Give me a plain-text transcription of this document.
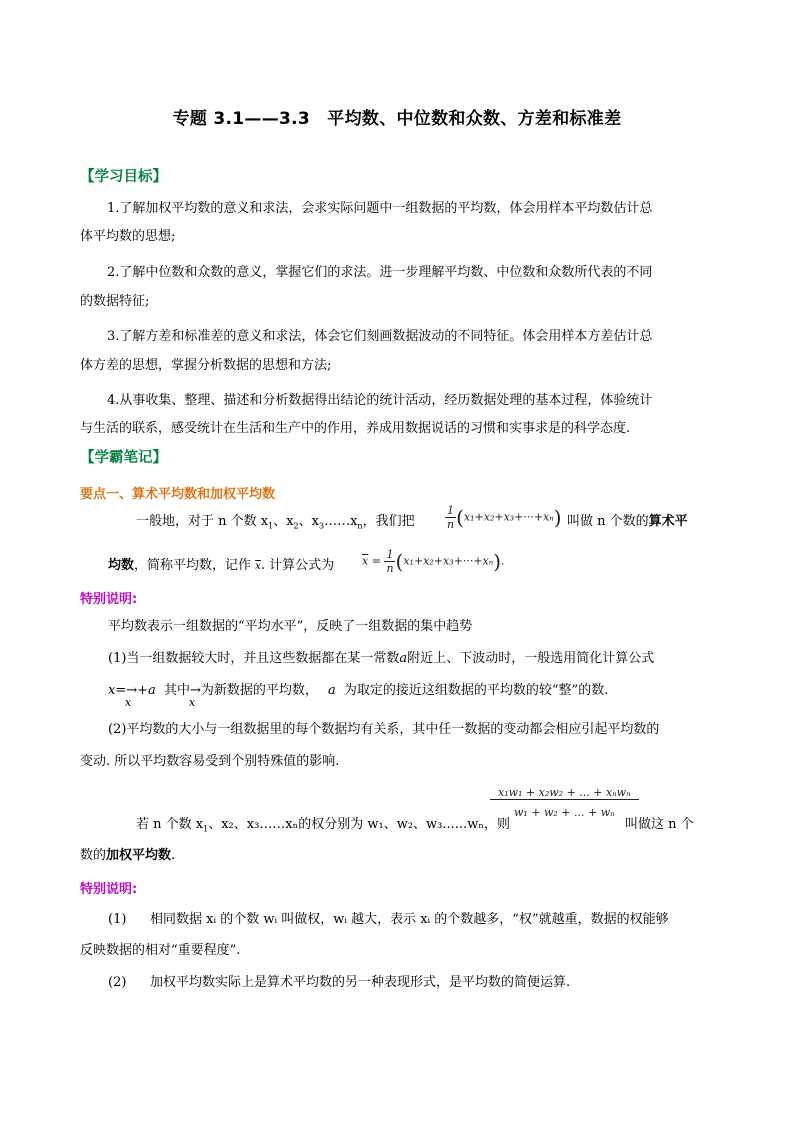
专题 3.1——3.3　平均数、中位数和众数、方差和标准差
【学习目标】
1.了解加权平均数的意义和求法，会求实际问题中一组数据的平均数，体会用样本平均数估计总
体平均数的思想;
2.了解中位数和众数的意义，掌握它们的求法。进一步理解平均数、中位数和众数所代表的不同
的数据特征;
3.了解方差和标准差的意义和求法，体会它们刻画数据波动的不同特征。体会用样本方差估计总
体方差的思想，掌握分析数据的思想和方法;
4.从事收集、整理、描述和分析数据得出结论的统计活动，经历数据处理的基本过程，体验统计
与生活的联系，感受统计在生活和生产中的作用，养成用数据说话的习惯和实事求是的科学态度.
【学霸笔记】
要点一、算术平均数和加权平均数
一般地，对于 n 个数 $x_1$、$x_2$、$x_3\dots\dots x_n$，我们把	$\frac{1}{n} (x_1+x_2+x_3+\cdot\cdot\cdot+x_n)$ 叫做 n 个数的算术平
均数，简称平均数，记作 $\overline{x}$. 计算公式为	$\overline{x} = \frac{1}{n} (x_1+x_2+x_3+\cdot\cdot\cdot+x_n)$.
特别说明:
平均数表示一组数据的“平均水平”，反映了一组数据的集中趋势
(1)当一组数据较大时，并且这些数据都在某一常数a附近上、下波动时，一般选用简化计算公式
x=→+a 其中→为新数据的平均数， a 为取定的接近这组数据的平均数的较“整”的数.
x	x
(2)平均数的大小与一组数据里的每个数据均有关系，其中任一数据的变动都会相应引起平均数的
变动. 所以平均数容易受到个别特殊值的影响.
$\frac{\text{x₁w₁ + x₂w₂ + ... + xₙwₙ}}{\text{w₁ + w₂ + ... + wₙ}}$
若 n 个数 $x_1$、x₂、x₃……xₙ的权分别为 w₁、w₂、w₃......wₙ，则	叫做这 n 个
数的加权平均数.
特别说明:
(1) 相同数据 xᵢ 的个数 wᵢ 叫做权，wᵢ 越大，表示 xᵢ 的个数越多，“权”就越重，数据的权能够
反映数据的相对“重要程度”.
(2) 加权平均数实际上是算术平均数的另一种表现形式，是平均数的简便运算.
